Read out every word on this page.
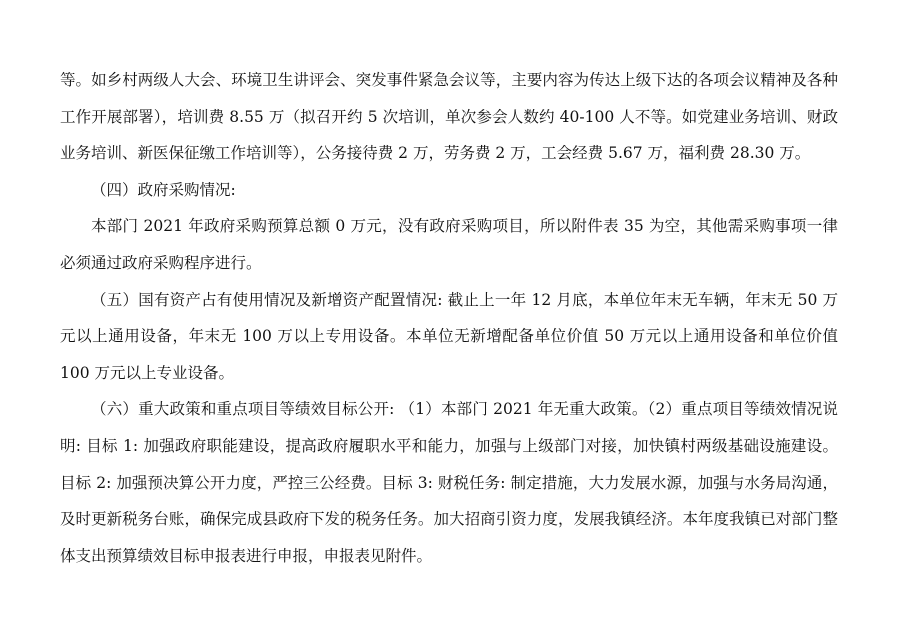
等。如乡村两级人大会、环境卫生讲评会、突发事件紧急会议等，主要内容为传达上级下达的各项会议精神及各种工作开展部署），培训费 8.55 万（拟召开约 5 次培训，单次参会人数约 40-100 人不等。如党建业务培训、财政业务培训、新医保征缴工作培训等），公务接待费 2 万，劳务费 2 万，工会经费 5.67 万，福利费 28.30 万。

（四）政府采购情况:

本部门 2021 年政府采购预算总额 0 万元，没有政府采购项目，所以附件表 35 为空，其他需采购事项一律必须通过政府采购程序进行。

（五）国有资产占有使用情况及新增资产配置情况: 截止上一年 12 月底，本单位年末无车辆，年末无 50 万元以上通用设备，年末无 100 万以上专用设备。本单位无新增配备单位价值 50 万元以上通用设备和单位价值 100 万元以上专业设备。

（六）重大政策和重点项目等绩效目标公开: （1）本部门 2021 年无重大政策。（2）重点项目等绩效情况说明: 目标 1: 加强政府职能建设，提高政府履职水平和能力，加强与上级部门对接，加快镇村两级基础设施建设。目标 2: 加强预决算公开力度，严控三公经费。目标 3: 财税任务: 制定措施，大力发展水源，加强与水务局沟通，及时更新税务台账，确保完成县政府下发的税务任务。加大招商引资力度，发展我镇经济。本年度我镇已对部门整体支出预算绩效目标申报表进行申报，申报表见附件。
